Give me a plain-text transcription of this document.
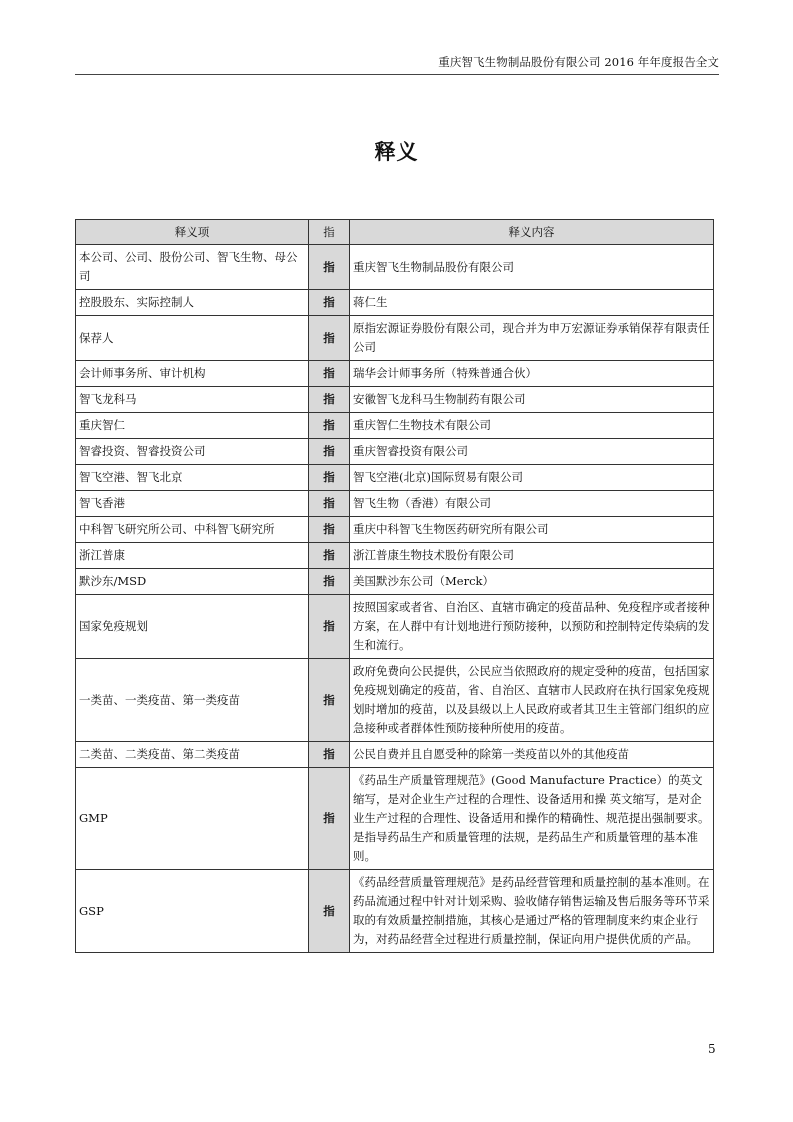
重庆智飞生物制品股份有限公司 2016 年年度报告全文
释义
释义项	指	释义内容
本公司、公司、股份公司、智飞生物、母公司	指	重庆智飞生物制品股份有限公司
控股股东、实际控制人	指	蒋仁生
保荐人	指	原指宏源证券股份有限公司，现合并为申万宏源证券承销保荐有限责任公司
会计师事务所、审计机构	指	瑞华会计师事务所（特殊普通合伙）
智飞龙科马	指	安徽智飞龙科马生物制药有限公司
重庆智仁	指	重庆智仁生物技术有限公司
智睿投资、智睿投资公司	指	重庆智睿投资有限公司
智飞空港、智飞北京	指	智飞空港(北京)国际贸易有限公司
智飞香港	指	智飞生物（香港）有限公司
中科智飞研究所公司、中科智飞研究所	指	重庆中科智飞生物医药研究所有限公司
浙江普康	指	浙江普康生物技术股份有限公司
默沙东/MSD	指	美国默沙东公司（Merck）
国家免疫规划	指	按照国家或者省、自治区、直辖市确定的疫苗品种、免疫程序或者接种方案，在人群中有计划地进行预防接种，以预防和控制特定传染病的发生和流行。
一类苗、一类疫苗、第一类疫苗	指	政府免费向公民提供，公民应当依照政府的规定受种的疫苗，包括国家免疫规划确定的疫苗，省、自治区、直辖市人民政府在执行国家免疫规划时增加的疫苗，以及县级以上人民政府或者其卫生主管部门组织的应急接种或者群体性预防接种所使用的疫苗。
二类苗、二类疫苗、第二类疫苗	指	公民自费并且自愿受种的除第一类疫苗以外的其他疫苗
GMP	指	《药品生产质量管理规范》(Good Manufacture Practice）的英文缩写，是对企业生产过程的合理性、设备适用和操 英文缩写，是对企业生产过程的合理性、设备适用和操作的精确性、规范提出强制要求。是指导药品生产和质量管理的法规，是药品生产和质量管理的基本准则。
GSP	指	《药品经营质量管理规范》是药品经营管理和质量控制的基本准则。在药品流通过程中针对计划采购、验收储存销售运输及售后服务等环节采取的有效质量控制措施，其核心是通过严格的管理制度来约束企业行为，对药品经营全过程进行质量控制，保证向用户提供优质的产品。
5
